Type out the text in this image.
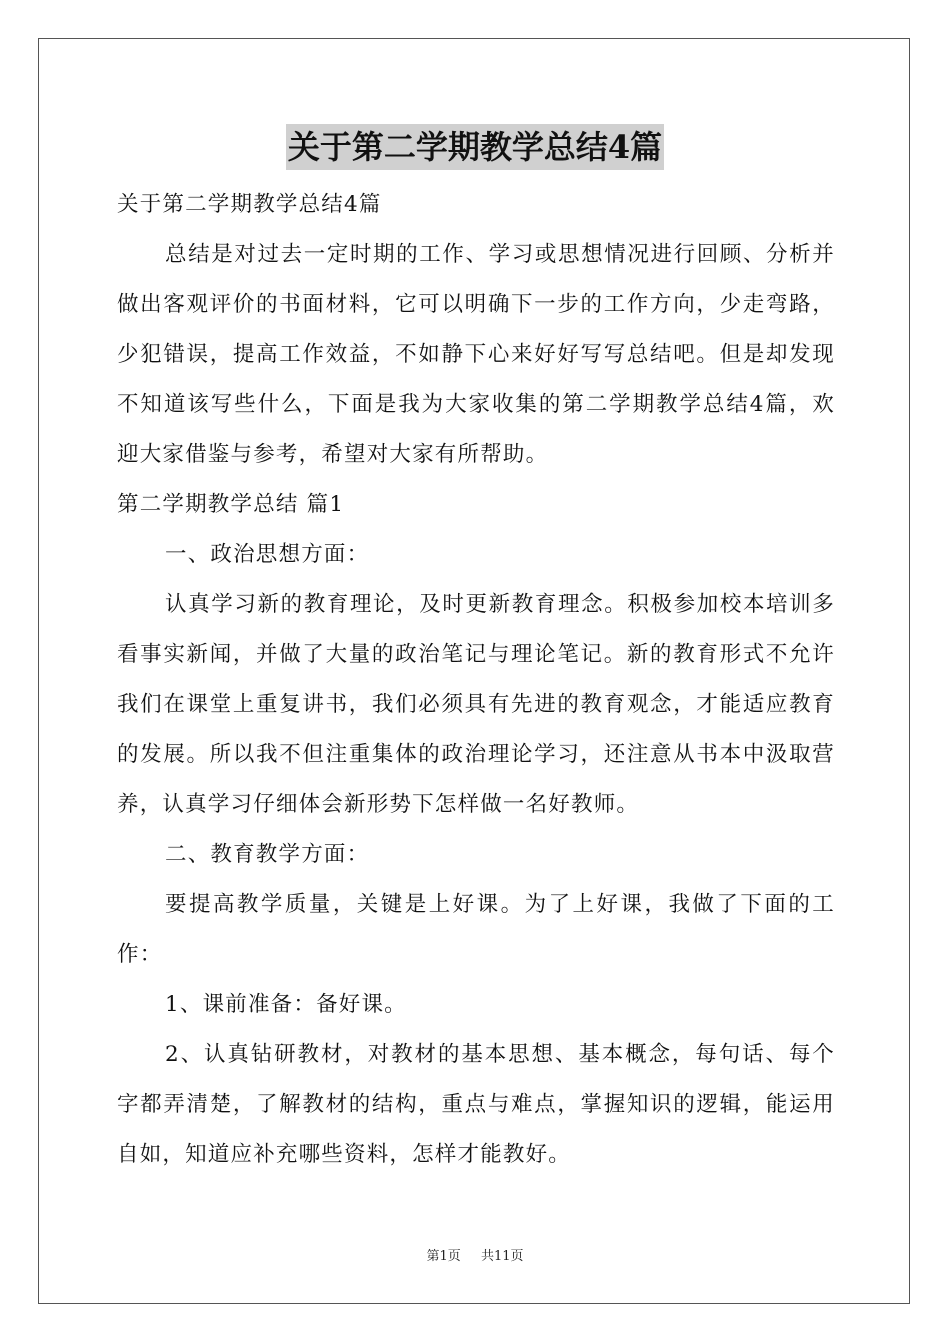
关于第二学期教学总结4篇

关于第二学期教学总结4篇

总结是对过去一定时期的工作、学习或思想情况进行回顾、分析并做出客观评价的书面材料，它可以明确下一步的工作方向，少走弯路，少犯错误，提高工作效益，不如静下心来好好写写总结吧。但是却发现不知道该写些什么，下面是我为大家收集的第二学期教学总结4篇，欢迎大家借鉴与参考，希望对大家有所帮助。

第二学期教学总结 篇1

一、政治思想方面：

认真学习新的教育理论，及时更新教育理念。积极参加校本培训多看事实新闻，并做了大量的政治笔记与理论笔记。新的教育形式不允许我们在课堂上重复讲书，我们必须具有先进的教育观念，才能适应教育的发展。所以我不但注重集体的政治理论学习，还注意从书本中汲取营养，认真学习仔细体会新形势下怎样做一名好教师。

二、教育教学方面：

要提高教学质量，关键是上好课。为了上好课，我做了下面的工作：

1、课前准备：备好课。

2、认真钻研教材，对教材的基本思想、基本概念，每句话、每个字都弄清楚，了解教材的结构，重点与难点，掌握知识的逻辑，能运用自如，知道应补充哪些资料，怎样才能教好。

第1页 共11页
